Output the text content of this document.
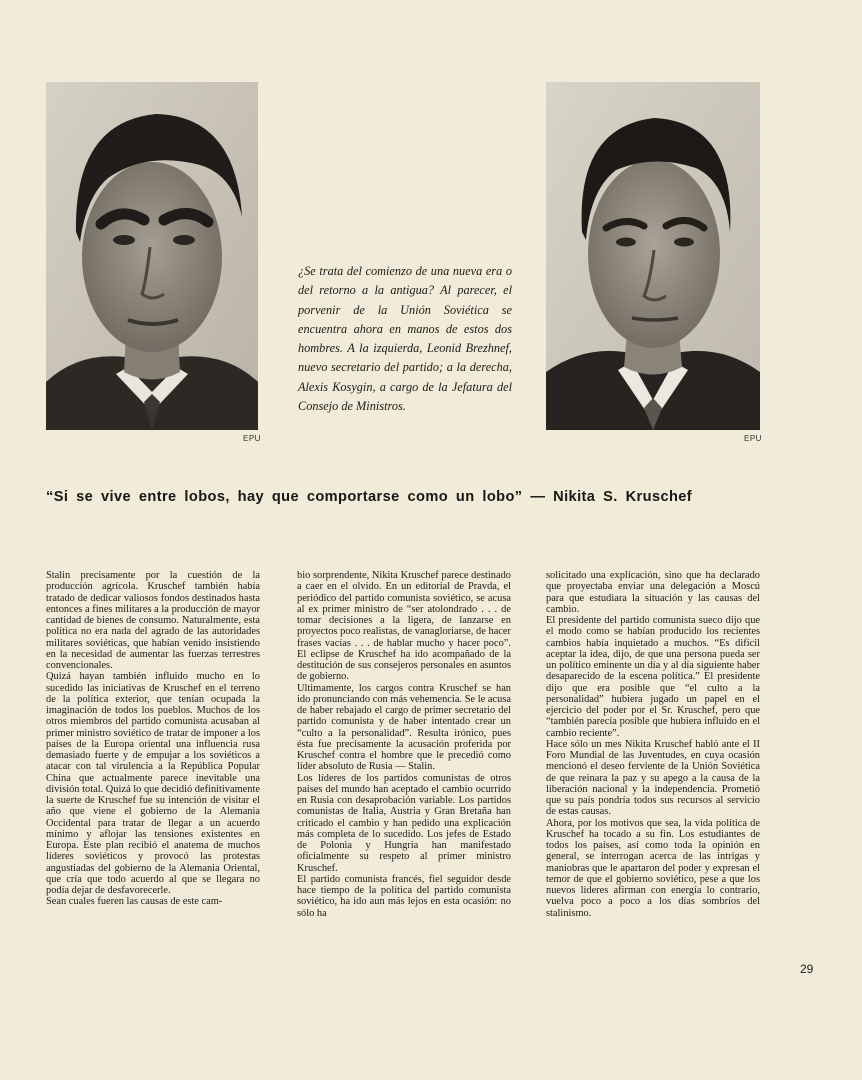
EPU

¿Se trata del comienzo de una nueva era o del retorno a la antigua? Al parecer, el porvenir de la Unión Soviética se encuentra ahora en manos de estos dos hombres. A la izquierda, Leonid Brezhnef, nuevo secretario del partido; a la derecha, Alexis Kosygin, a cargo de la Jefatura del Consejo de Ministros.

EPU
“Si se vive entre lobos, hay que comportarse como un lobo” — Nikita S. Kruschef

Stalin precisamente por la cuestión de la producción agrícola. Kruschef también había tratado de dedicar valiosos fondos destinados hasta entonces a fines militares a la producción de mayor cantidad de bienes de consumo. Naturalmente, esta política no era nada del agrado de las autoridades militares soviéticas, que habían venido insistiendo en la necesidad de aumentar las fuerzas terrestres convencionales.

Quizá hayan también influido mucho en lo sucedido las iniciativas de Kruschef en el terreno de la política exterior, que tenían ocupada la imaginación de todos los pueblos. Muchos de los otros miembros del partido comunista acusaban al primer ministro soviético de tratar de imponer a los países de la Europa oriental una influencia rusa demasiado fuerte y de empujar a los soviéticos a atacar con tal virulencia a la República Popular China que actualmente parece inevitable una división total. Quizá lo que decidió definitivamente la suerte de Kruschef fue su intención de visitar el año que viene el gobierno de la Alemania Occidental para tratar de llegar a un acuerdo mínimo y aflojar las tensiones existentes en Europa. Este plan recibió el anatema de muchos líderes soviéticos y provocó las protestas angustiadas del gobierno de la Alemania Oriental, que cría que todo acuerdo al que se llegara no podía dejar de desfavorecerle.

Sean cuales fueren las causas de este cam-

bio sorprendente, Nikita Kruschef parece destinado a caer en el olvido. En un editorial de Pravda, el periódico del partido comunista soviético, se acusa al ex primer ministro de “ser atolondrado . . . de tomar decisiones a la ligera, de lanzarse en proyectos poco realistas, de vanagloriarse, de hacer frases vacías . . . de hablar mucho y hacer poco”. El eclipse de Kruschef ha ido acompañado de la destitución de sus consejeros personales en asuntos de gobierno.

Ultimamente, los cargos contra Kruschef se han ido pronunciando con más vehemencia. Se le acusa de haber rebajado el cargo de primer secretario del partido comunista y de haber intentado crear un “culto a la personalidad”. Resulta irónico, pues ésta fue precisamente la acusación proferida por Kruschef contra el hombre que le precedió como líder absoluto de Rusia — Stalin.

Los líderes de los partidos comunistas de otros países del mundo han aceptado el cambio ocurrido en Rusia con desaprobación variable. Los partidos comunistas de Italia, Austria y Gran Bretaña han criticado el cambio y han pedido una explicación más completa de lo sucedido. Los jefes de Estado de Polonia y Hungría han manifestado oficialmente su respeto al primer ministro Kruschef.

El partido comunista francés, fiel seguidor desde hace tiempo de la política del partido comunista soviético, ha ido aun más lejos en esta ocasión: no sólo ha

solicitado una explicación, sino que ha declarado que proyectaba enviar una delegación a Moscú para que estudiara la situación y las causas del cambio.

El presidente del partido comunista sueco dijo que el modo como se habían producido los recientes cambios había inquietado a muchos. “Es difícil aceptar la idea, dijo, de que una persona pueda ser un político eminente un día y al día siguiente haber desaparecido de la escena política.” El presidente dijo que era posible que “el culto a la personalidad” hubiera jugado un papel en el ejercicio del poder por el Sr. Kruschef, pero que “también parecía posible que hubiera influido en el cambio reciente”.

Hace sólo un mes Nikita Kruschef habló ante el II Foro Mundial de las Juventudes, en cuya ocasión mencionó el deseo ferviente de la Unión Soviética de que reinara la paz y su apego a la causa de la liberación nacional y la independencia. Prometió que su país pondría todos sus recursos al servicio de estas causas.

Ahora, por los motivos que sea, la vida política de Kruschef ha tocado a su fin. Los estudiantes de todos los países, así como toda la opinión en general, se interrogan acerca de las intrigas y maniobras que le apartaron del poder y expresan el temor de que el gobierno soviético, pese a que los nuevos líderes afirman con energía lo contrario, vuelva poco a poco a los días sombríos del stalinismo.

29
